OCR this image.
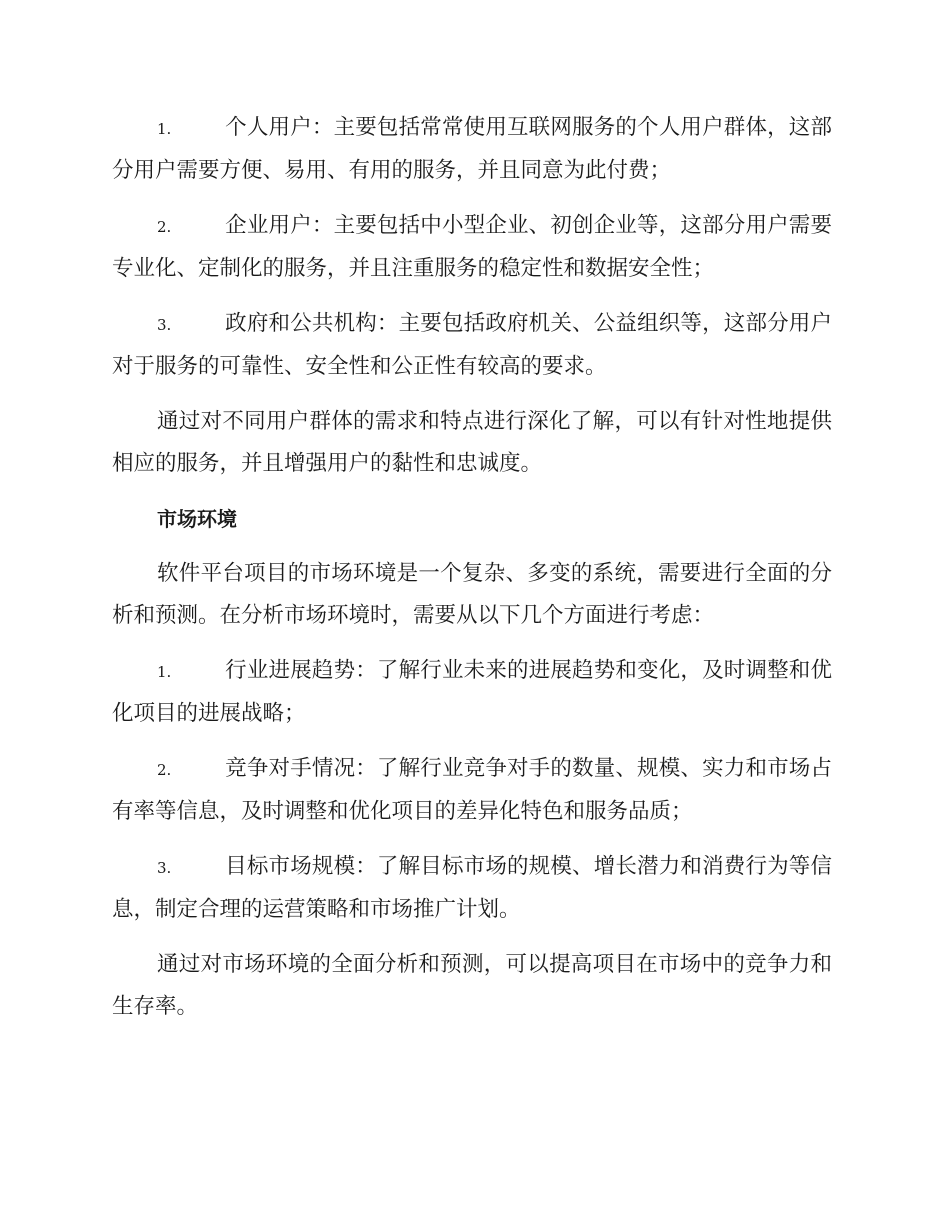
1. 个人用户：主要包括常常使用互联网服务的个人用户群体，这部分用户需要方便、易用、有用的服务，并且同意为此付费；
2. 企业用户：主要包括中小型企业、初创企业等，这部分用户需要专业化、定制化的服务，并且注重服务的稳定性和数据安全性；
3. 政府和公共机构：主要包括政府机关、公益组织等，这部分用户对于服务的可靠性、安全性和公正性有较高的要求。

通过对不同用户群体的需求和特点进行深化了解，可以有针对性地提供相应的服务，并且增强用户的黏性和忠诚度。

市场环境

软件平台项目的市场环境是一个复杂、多变的系统，需要进行全面的分析和预测。在分析市场环境时，需要从以下几个方面进行考虑：

1. 行业进展趋势：了解行业未来的进展趋势和变化，及时调整和优化项目的进展战略；
2. 竞争对手情况：了解行业竞争对手的数量、规模、实力和市场占有率等信息，及时调整和优化项目的差异化特色和服务品质；
3. 目标市场规模：了解目标市场的规模、增长潜力和消费行为等信息，制定合理的运营策略和市场推广计划。

通过对市场环境的全面分析和预测，可以提高项目在市场中的竞争力和生存率。
